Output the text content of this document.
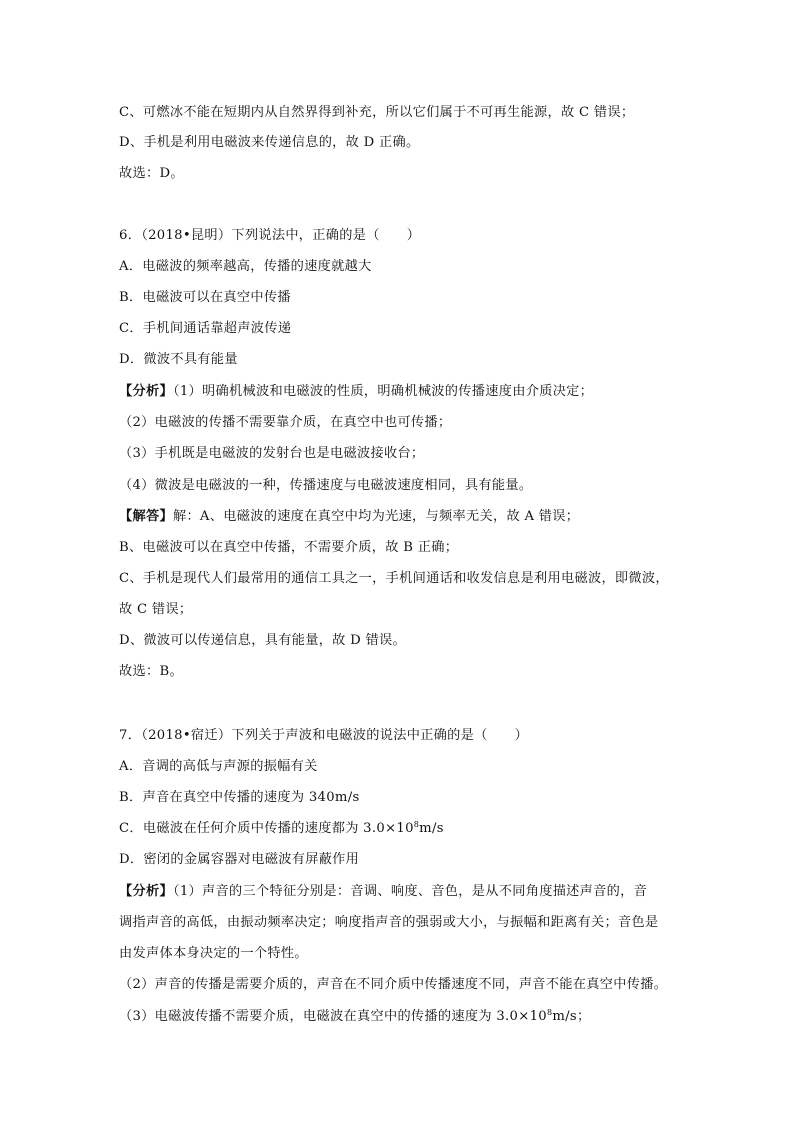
C、可燃冰不能在短期内从自然界得到补充，所以它们属于不可再生能源，故 C 错误；
D、手机是利用电磁波来传递信息的，故 D 正确。
故选：D。
6．（2018•昆明）下列说法中，正确的是（　　）
A．电磁波的频率越高，传播的速度就越大
B．电磁波可以在真空中传播
C．手机间通话靠超声波传递
D．微波不具有能量
【分析】（1）明确机械波和电磁波的性质，明确机械波的传播速度由介质决定；
（2）电磁波的传播不需要靠介质，在真空中也可传播；
（3）手机既是电磁波的发射台也是电磁波接收台；
（4）微波是电磁波的一种，传播速度与电磁波速度相同，具有能量。
【解答】解：A、电磁波的速度在真空中均为光速，与频率无关，故 A 错误；
B、电磁波可以在真空中传播，不需要介质，故 B 正确；
C、手机是现代人们最常用的通信工具之一，手机间通话和收发信息是利用电磁波，即微波，
故 C 错误；
D、微波可以传递信息，具有能量，故 D 错误。
故选：B。
7．（2018•宿迁）下列关于声波和电磁波的说法中正确的是（　　）
A．音调的高低与声源的振幅有关
B．声音在真空中传播的速度为 340m/s
C．电磁波在任何介质中传播的速度都为 $3.0\times 10^8m/s$
D．密闭的金属容器对电磁波有屏蔽作用
【分析】（1）声音的三个特征分别是：音调、响度、音色，是从不同角度描述声音的，音
调指声音的高低，由振动频率决定；响度指声音的强弱或大小，与振幅和距离有关；音色是
由发声体本身决定的一个特性。
（2）声音的传播是需要介质的，声音在不同介质中传播速度不同，声音不能在真空中传播。
（3）电磁波传播不需要介质，电磁波在真空中的传播的速度为 $3.0\times 10^8m/s$；
